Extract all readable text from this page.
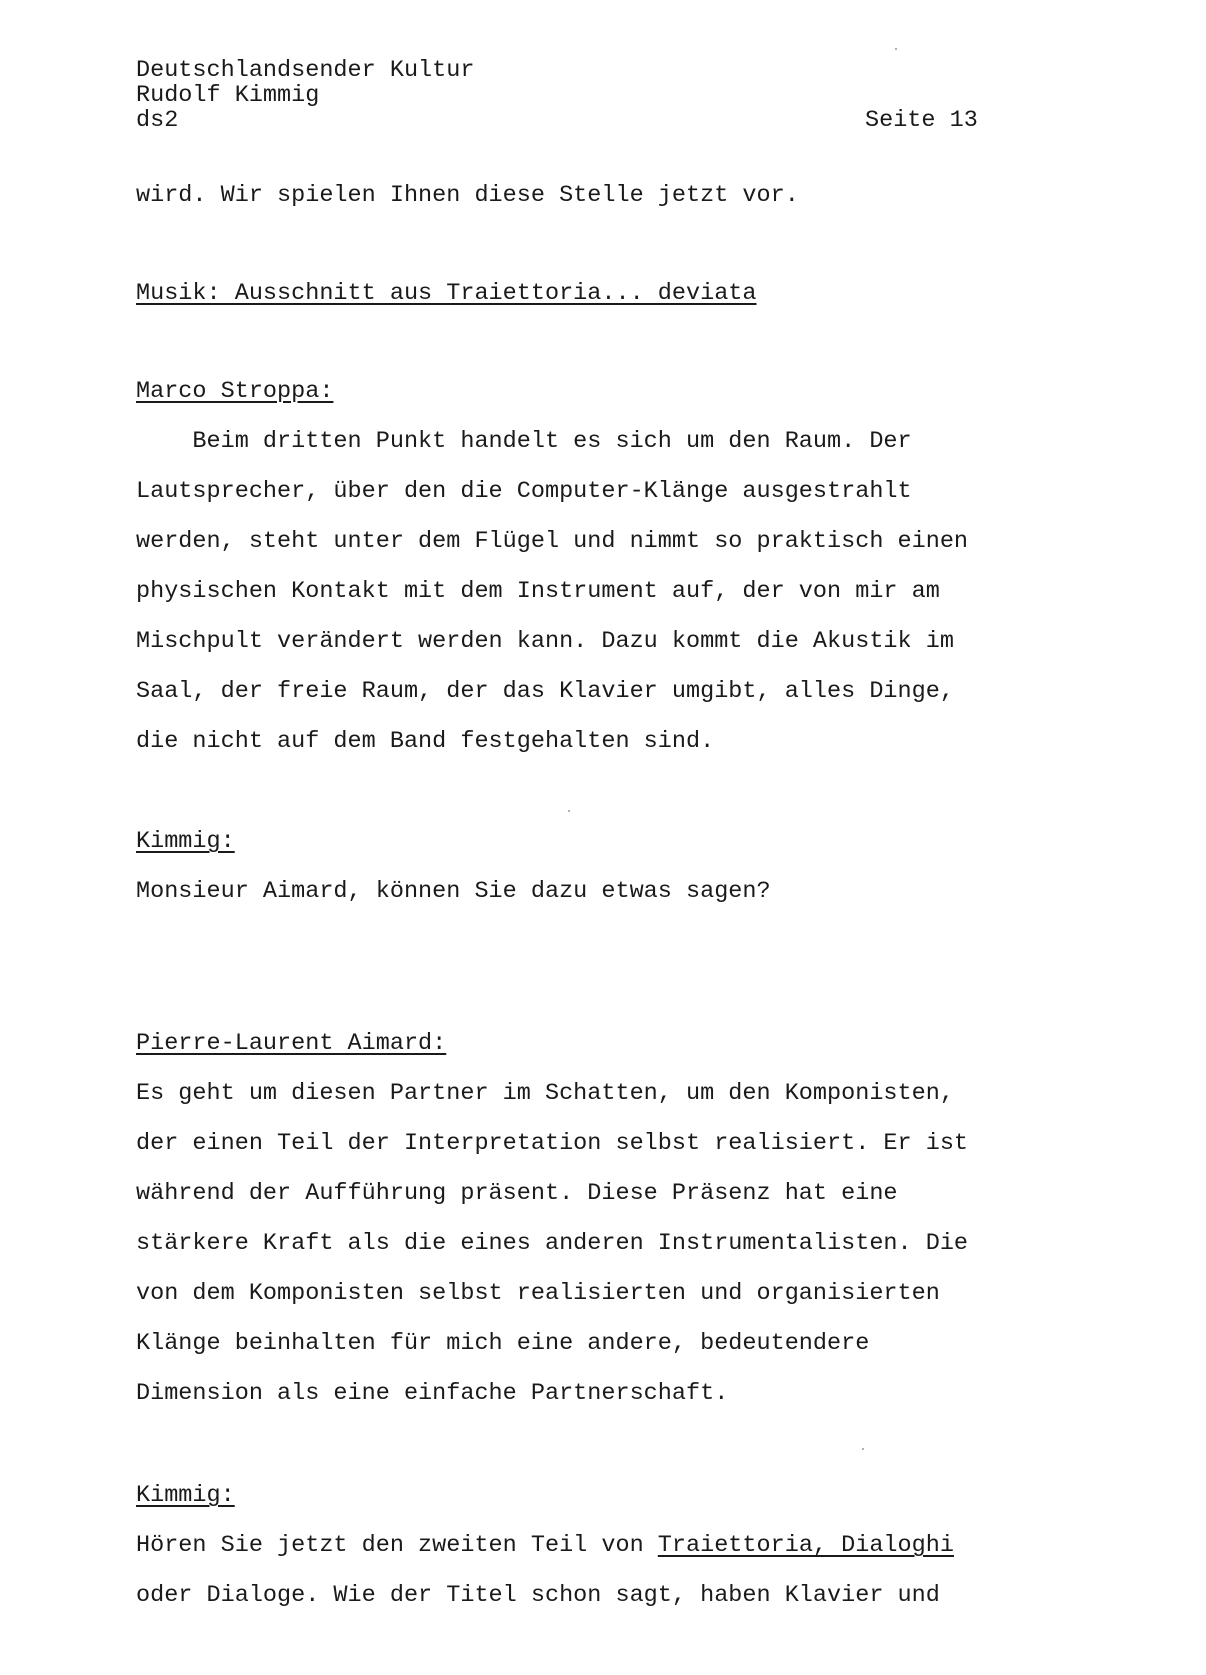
Deutschlandsender Kultur
Rudolf Kimmig
ds2	Seite 13
wird. Wir spielen Ihnen diese Stelle jetzt vor.
Musik: Ausschnitt aus Traiettoria... deviata
Marco Stroppa:
Beim dritten Punkt handelt es sich um den Raum. Der
Lautsprecher, über den die Computer-Klänge ausgestrahlt
werden, steht unter dem Flügel und nimmt so praktisch einen
physischen Kontakt mit dem Instrument auf, der von mir am
Mischpult verändert werden kann. Dazu kommt die Akustik im
Saal, der freie Raum, der das Klavier umgibt, alles Dinge,
die nicht auf dem Band festgehalten sind.
Kimmig:
Monsieur Aimard, können Sie dazu etwas sagen?
Pierre-Laurent Aimard:
Es geht um diesen Partner im Schatten, um den Komponisten,
der einen Teil der Interpretation selbst realisiert. Er ist
während der Aufführung präsent. Diese Präsenz hat eine
stärkere Kraft als die eines anderen Instrumentalisten. Die
von dem Komponisten selbst realisierten und organisierten
Klänge beinhalten für mich eine andere, bedeutendere
Dimension als eine einfache Partnerschaft.
Kimmig:
Hören Sie jetzt den zweiten Teil von Traiettoria, Dialoghi
oder Dialoge. Wie der Titel schon sagt, haben Klavier und
